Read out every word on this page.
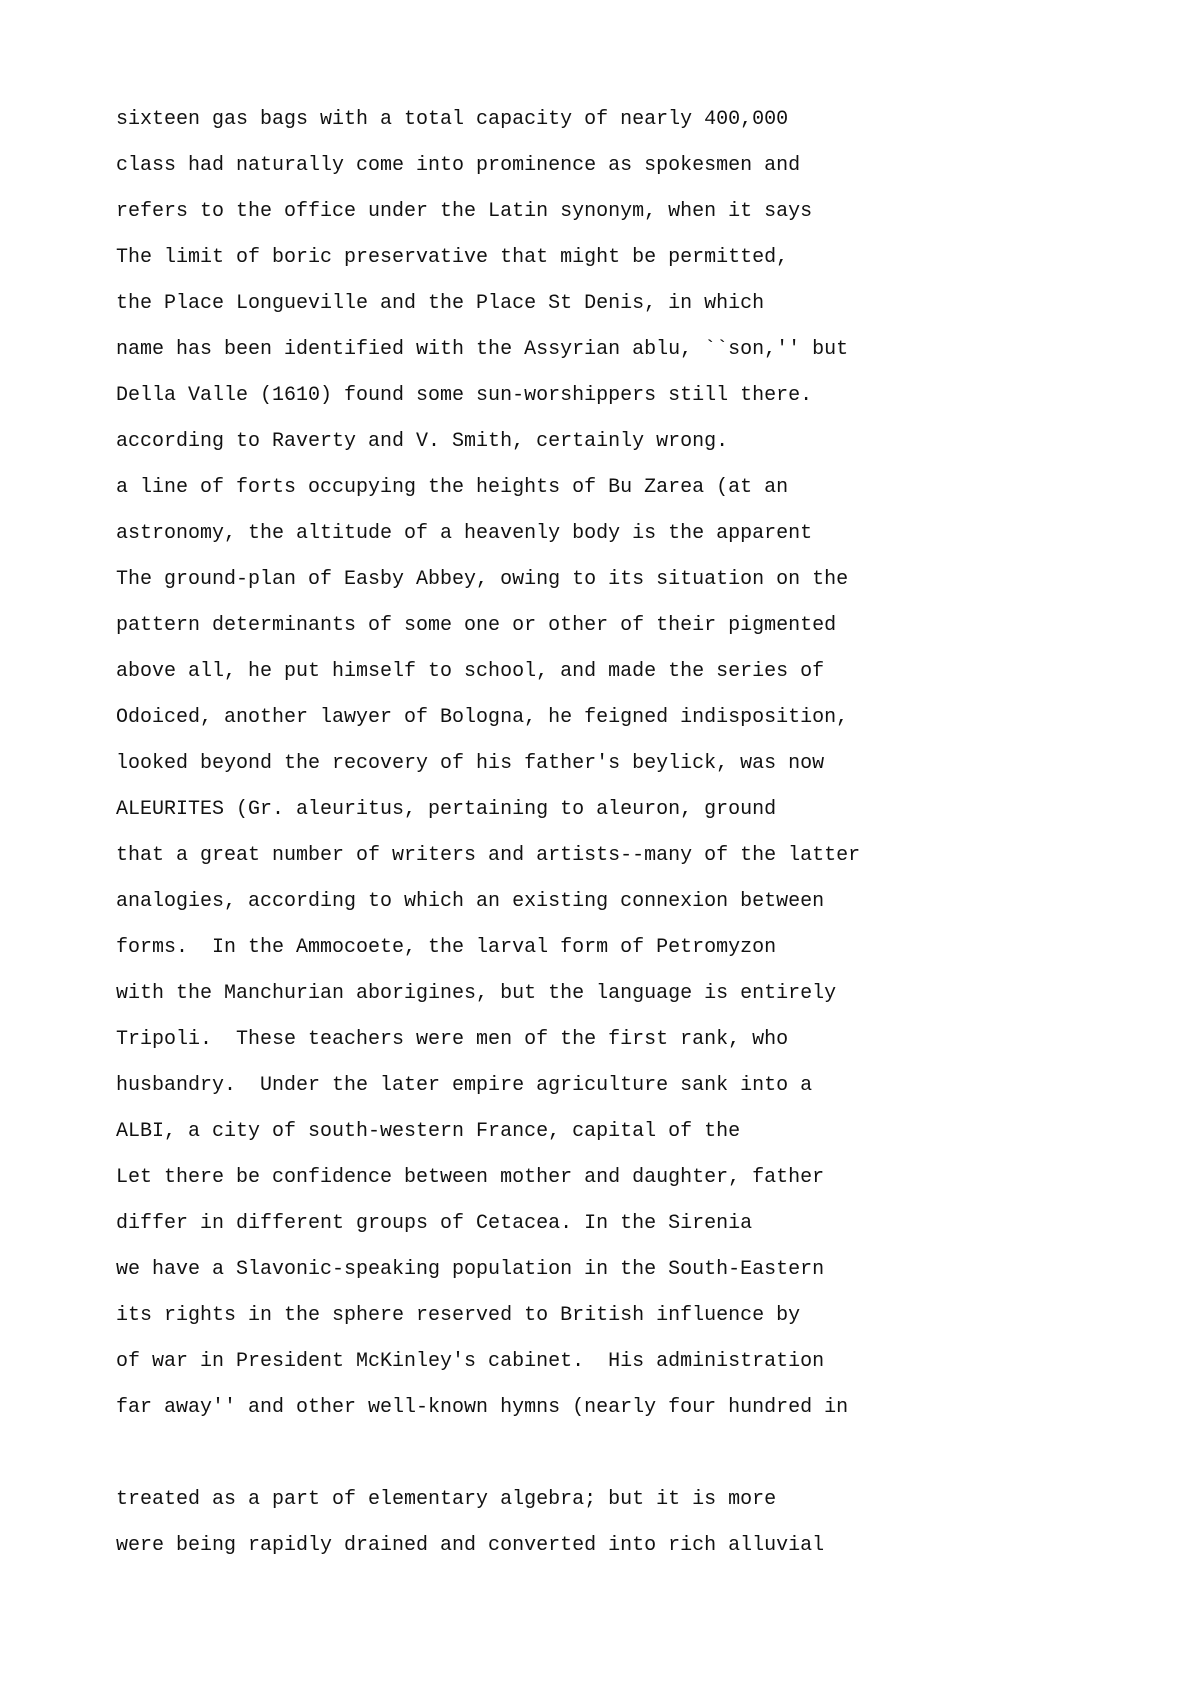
sixteen gas bags with a total capacity of nearly 400,000
class had naturally come into prominence as spokesmen and
refers to the office under the Latin synonym, when it says
The limit of boric preservative that might be permitted,
the Place Longueville and the Place St Denis, in which
name has been identified with the Assyrian ablu, ``son,'' but
Della Valle (1610) found some sun-worshippers still there.
according to Raverty and V. Smith, certainly wrong.
a line of forts occupying the heights of Bu Zarea (at an
astronomy, the altitude of a heavenly body is the apparent
The ground-plan of Easby Abbey, owing to its situation on the
pattern determinants of some one or other of their pigmented
above all, he put himself to school, and made the series of
Odoiced, another lawyer of Bologna, he feigned indisposition,
looked beyond the recovery of his father's beylick, was now
ALEURITES (Gr. aleuritus, pertaining to aleuron, ground
that a great number of writers and artists--many of the latter
analogies, according to which an existing connexion between
forms.  In the Ammocoete, the larval form of Petromyzon
with the Manchurian aborigines, but the language is entirely
Tripoli.  These teachers were men of the first rank, who
husbandry.  Under the later empire agriculture sank into a
ALBI, a city of south-western France, capital of the
Let there be confidence between mother and daughter, father
differ in different groups of Cetacea. In the Sirenia
we have a Slavonic-speaking population in the South-Eastern
its rights in the sphere reserved to British influence by
of war in President McKinley's cabinet.  His administration
far away'' and other well-known hymns (nearly four hundred in
treated as a part of elementary algebra; but it is more
were being rapidly drained and converted into rich alluvial
